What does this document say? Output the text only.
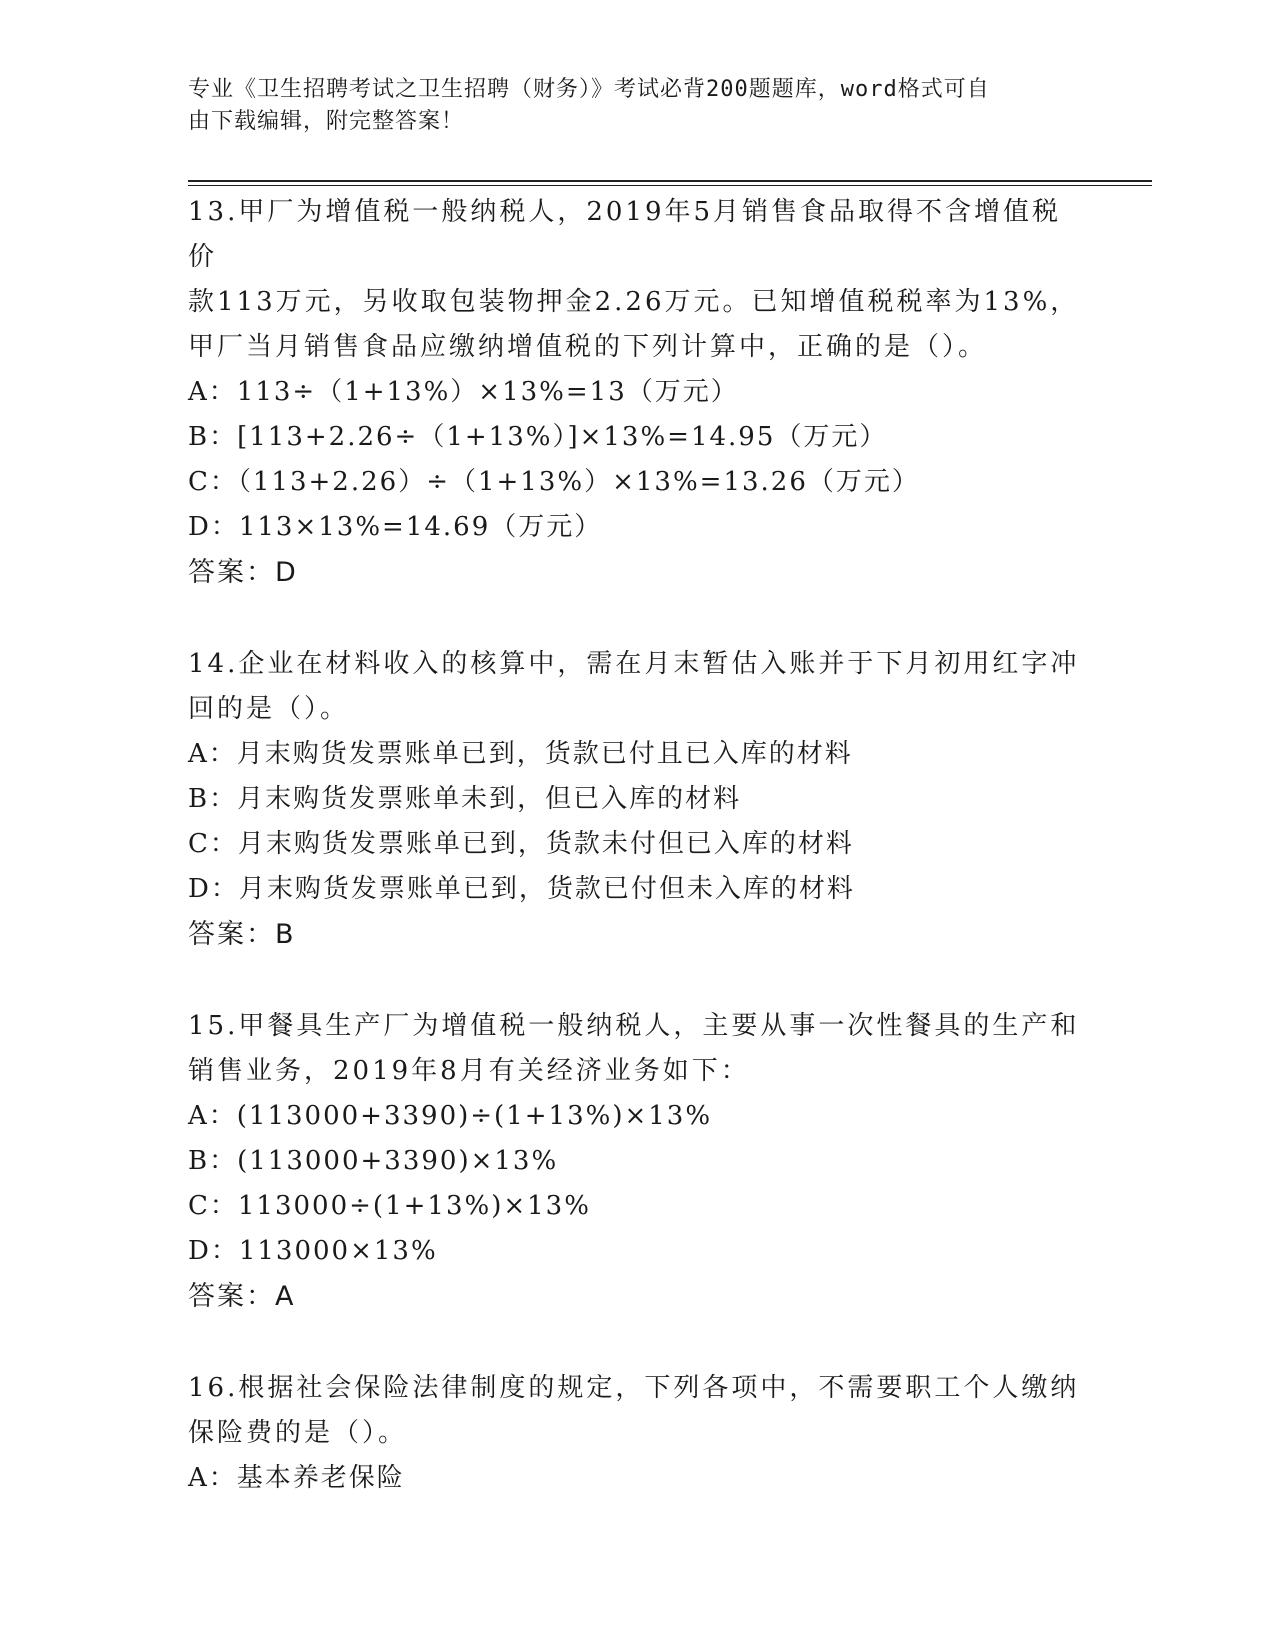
专业《卫生招聘考试之卫生招聘（财务）》考试必背200题题库，word格式可自
由下载编辑，附完整答案！
13.甲厂为增值税一般纳税人，2019年5月销售食品取得不含增值税价
款113万元，另收取包装物押金2.26万元。已知增值税税率为13%，
甲厂当月销售食品应缴纳增值税的下列计算中，正确的是（）。
A：113÷（1+13%）×13%=13（万元）
B：[113+2.26÷（1+13%）]×13%=14.95（万元）
C：（113+2.26）÷（1+13%）×13%=13.26（万元）
D：113×13%=14.69（万元）
答案：D
14.企业在材料收入的核算中，需在月末暂估入账并于下月初用红字冲
回的是（）。
A：月末购货发票账单已到，货款已付且已入库的材料
B：月末购货发票账单未到，但已入库的材料
C：月末购货发票账单已到，货款未付但已入库的材料
D：月末购货发票账单已到，货款已付但未入库的材料
答案：B
15.甲餐具生产厂为增值税一般纳税人，主要从事一次性餐具的生产和
销售业务，2019年8月有关经济业务如下：
A：(113000+3390)÷(1+13%)×13%
B：(113000+3390)×13%
C：113000÷(1+13%)×13%
D：113000×13%
答案：A
16.根据社会保险法律制度的规定，下列各项中，不需要职工个人缴纳
保险费的是（）。
A：基本养老保险
